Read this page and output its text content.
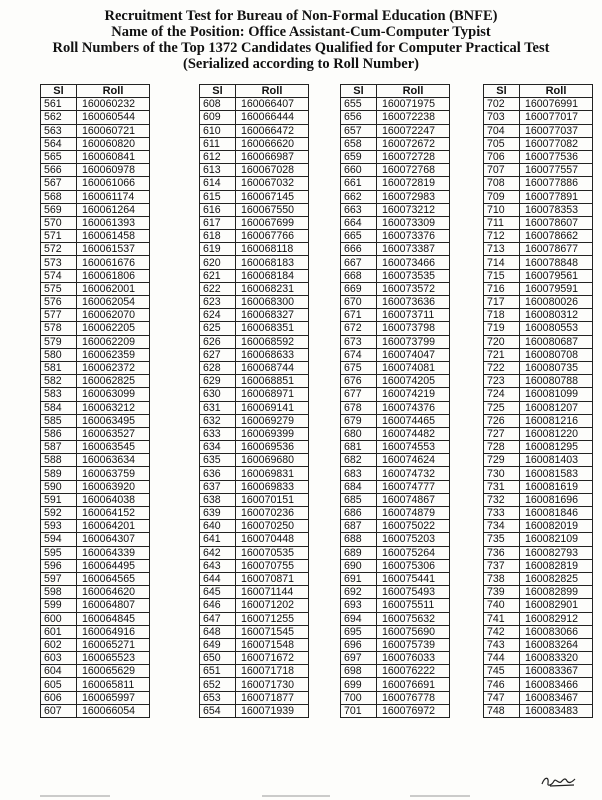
Recruitment Test for Bureau of Non-Formal Education (BNFE)
Name of the Position: Office Assistant-Cum-Computer Typist
Roll Numbers of the Top 1372 Candidates Qualified for Computer Practical Test
(Serialized according to Roll Number)
Sl	Roll
561	160060232
562	160060544
563	160060721
564	160060820
565	160060841
566	160060978
567	160061066
568	160061174
569	160061264
570	160061393
571	160061458
572	160061537
573	160061676
574	160061806
575	160062001
576	160062054
577	160062070
578	160062205
579	160062209
580	160062359
581	160062372
582	160062825
583	160063099
584	160063212
585	160063495
586	160063527
587	160063545
588	160063634
589	160063759
590	160063920
591	160064038
592	160064152
593	160064201
594	160064307
595	160064339
596	160064495
597	160064565
598	160064620
599	160064807
600	160064845
601	160064916
602	160065271
603	160065523
604	160065629
605	160065811
606	160065997
607	160066054
Sl	Roll
608	160066407
609	160066444
610	160066472
611	160066620
612	160066987
613	160067028
614	160067032
615	160067145
616	160067550
617	160067699
618	160067766
619	160068118
620	160068183
621	160068184
622	160068231
623	160068300
624	160068327
625	160068351
626	160068592
627	160068633
628	160068744
629	160068851
630	160068971
631	160069141
632	160069279
633	160069399
634	160069536
635	160069680
636	160069831
637	160069833
638	160070151
639	160070236
640	160070250
641	160070448
642	160070535
643	160070755
644	160070871
645	160071144
646	160071202
647	160071255
648	160071545
649	160071548
650	160071672
651	160071718
652	160071730
653	160071877
654	160071939
Sl	Roll
655	160071975
656	160072238
657	160072247
658	160072672
659	160072728
660	160072768
661	160072819
662	160072983
663	160073212
664	160073309
665	160073376
666	160073387
667	160073466
668	160073535
669	160073572
670	160073636
671	160073711
672	160073798
673	160073799
674	160074047
675	160074081
676	160074205
677	160074219
678	160074376
679	160074465
680	160074482
681	160074553
682	160074624
683	160074732
684	160074777
685	160074867
686	160074879
687	160075022
688	160075203
689	160075264
690	160075306
691	160075441
692	160075493
693	160075511
694	160075632
695	160075690
696	160075739
697	160076033
698	160076222
699	160076691
700	160076778
701	160076972
Sl	Roll
702	160076991
703	160077017
704	160077037
705	160077082
706	160077536
707	160077557
708	160077886
709	160077891
710	160078353
711	160078607
712	160078662
713	160078677
714	160078848
715	160079561
716	160079591
717	160080026
718	160080312
719	160080553
720	160080687
721	160080708
722	160080735
723	160080788
724	160081099
725	160081207
726	160081216
727	160081220
728	160081295
729	160081403
730	160081583
731	160081619
732	160081696
733	160081846
734	160082019
735	160082109
736	160082793
737	160082819
738	160082825
739	160082899
740	160082901
741	160082912
742	160083066
743	160083264
744	160083320
745	160083367
746	160083466
747	160083467
748	160083483
